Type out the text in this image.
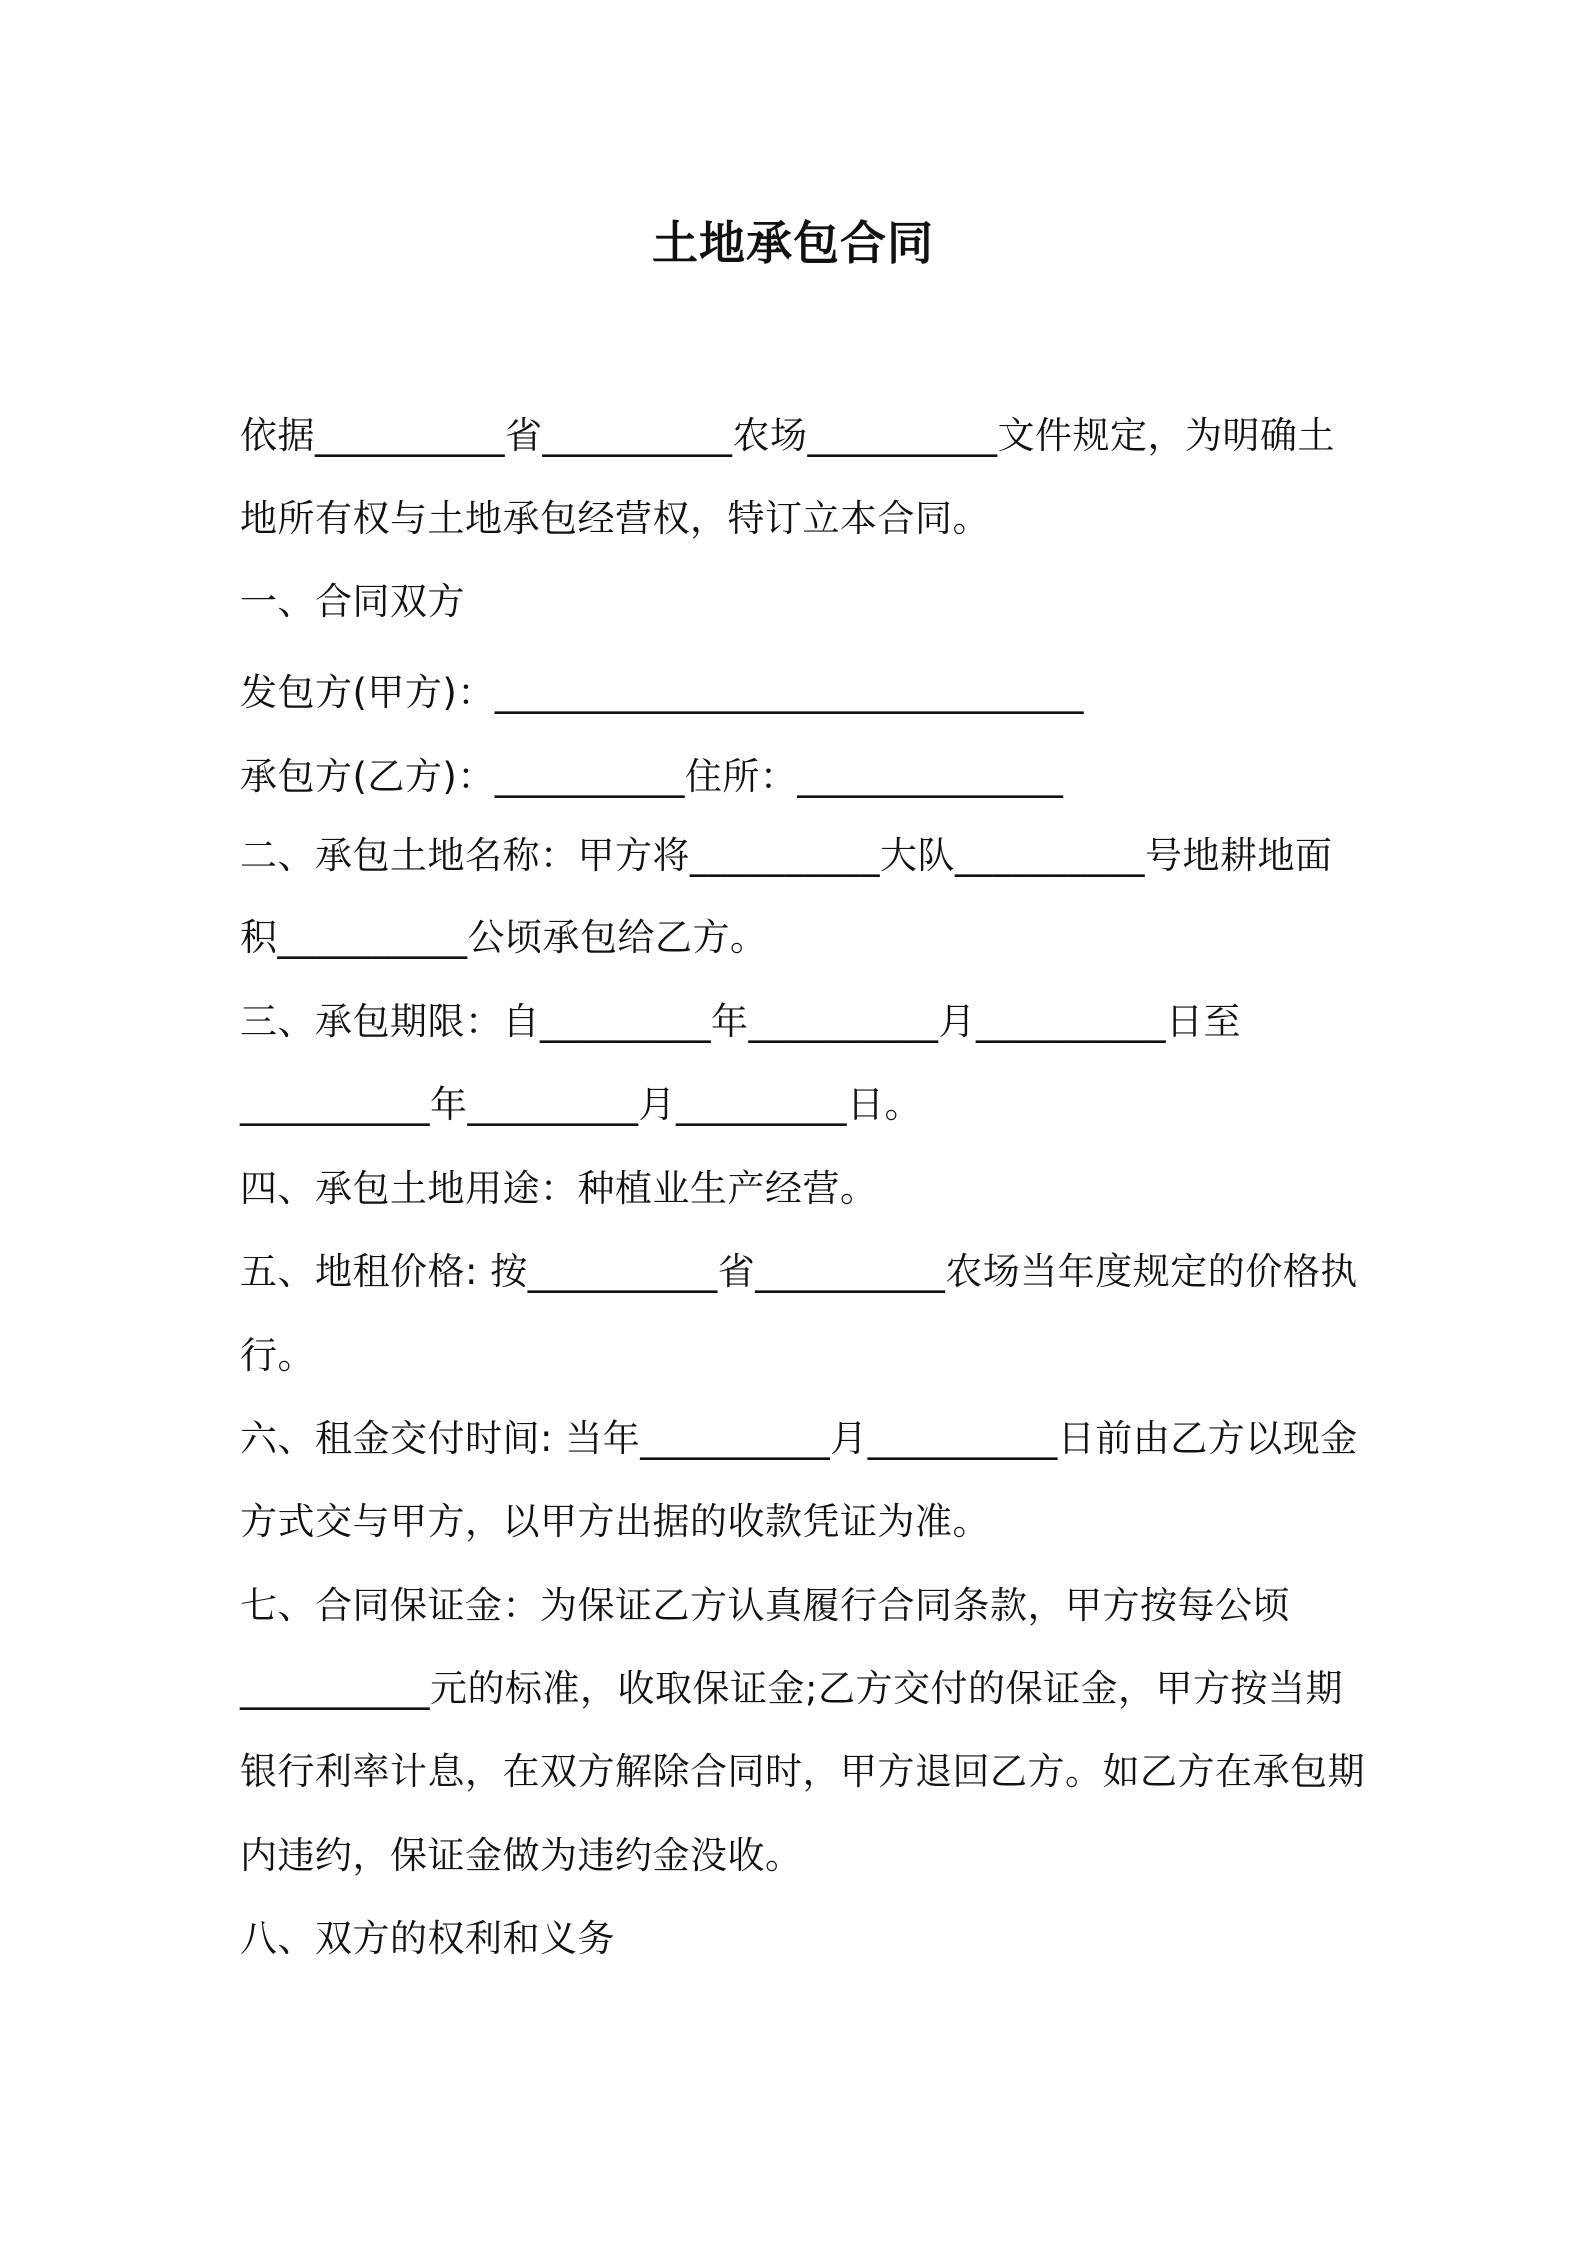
土地承包合同
依据__________省__________农场__________文件规定，为明确土
地所有权与土地承包经营权，特订立本合同。
一、合同双方
发包方(甲方)：_______________________________
承包方(乙方)：__________住所：______________
二、承包土地名称：甲方将__________大队__________号地耕地面
积__________公顷承包给乙方。
三、承包期限：自_________年__________月__________日至
__________年_________月_________日。
四、承包土地用途：种植业生产经营。
五、地租价格: 按__________省__________农场当年度规定的价格执
行。
六、租金交付时间: 当年__________月__________日前由乙方以现金
方式交与甲方，以甲方出据的收款凭证为准。
七、合同保证金：为保证乙方认真履行合同条款，甲方按每公顷
__________元的标准，收取保证金;乙方交付的保证金，甲方按当期
银行利率计息，在双方解除合同时，甲方退回乙方。如乙方在承包期
内违约，保证金做为违约金没收。
八、双方的权利和义务
